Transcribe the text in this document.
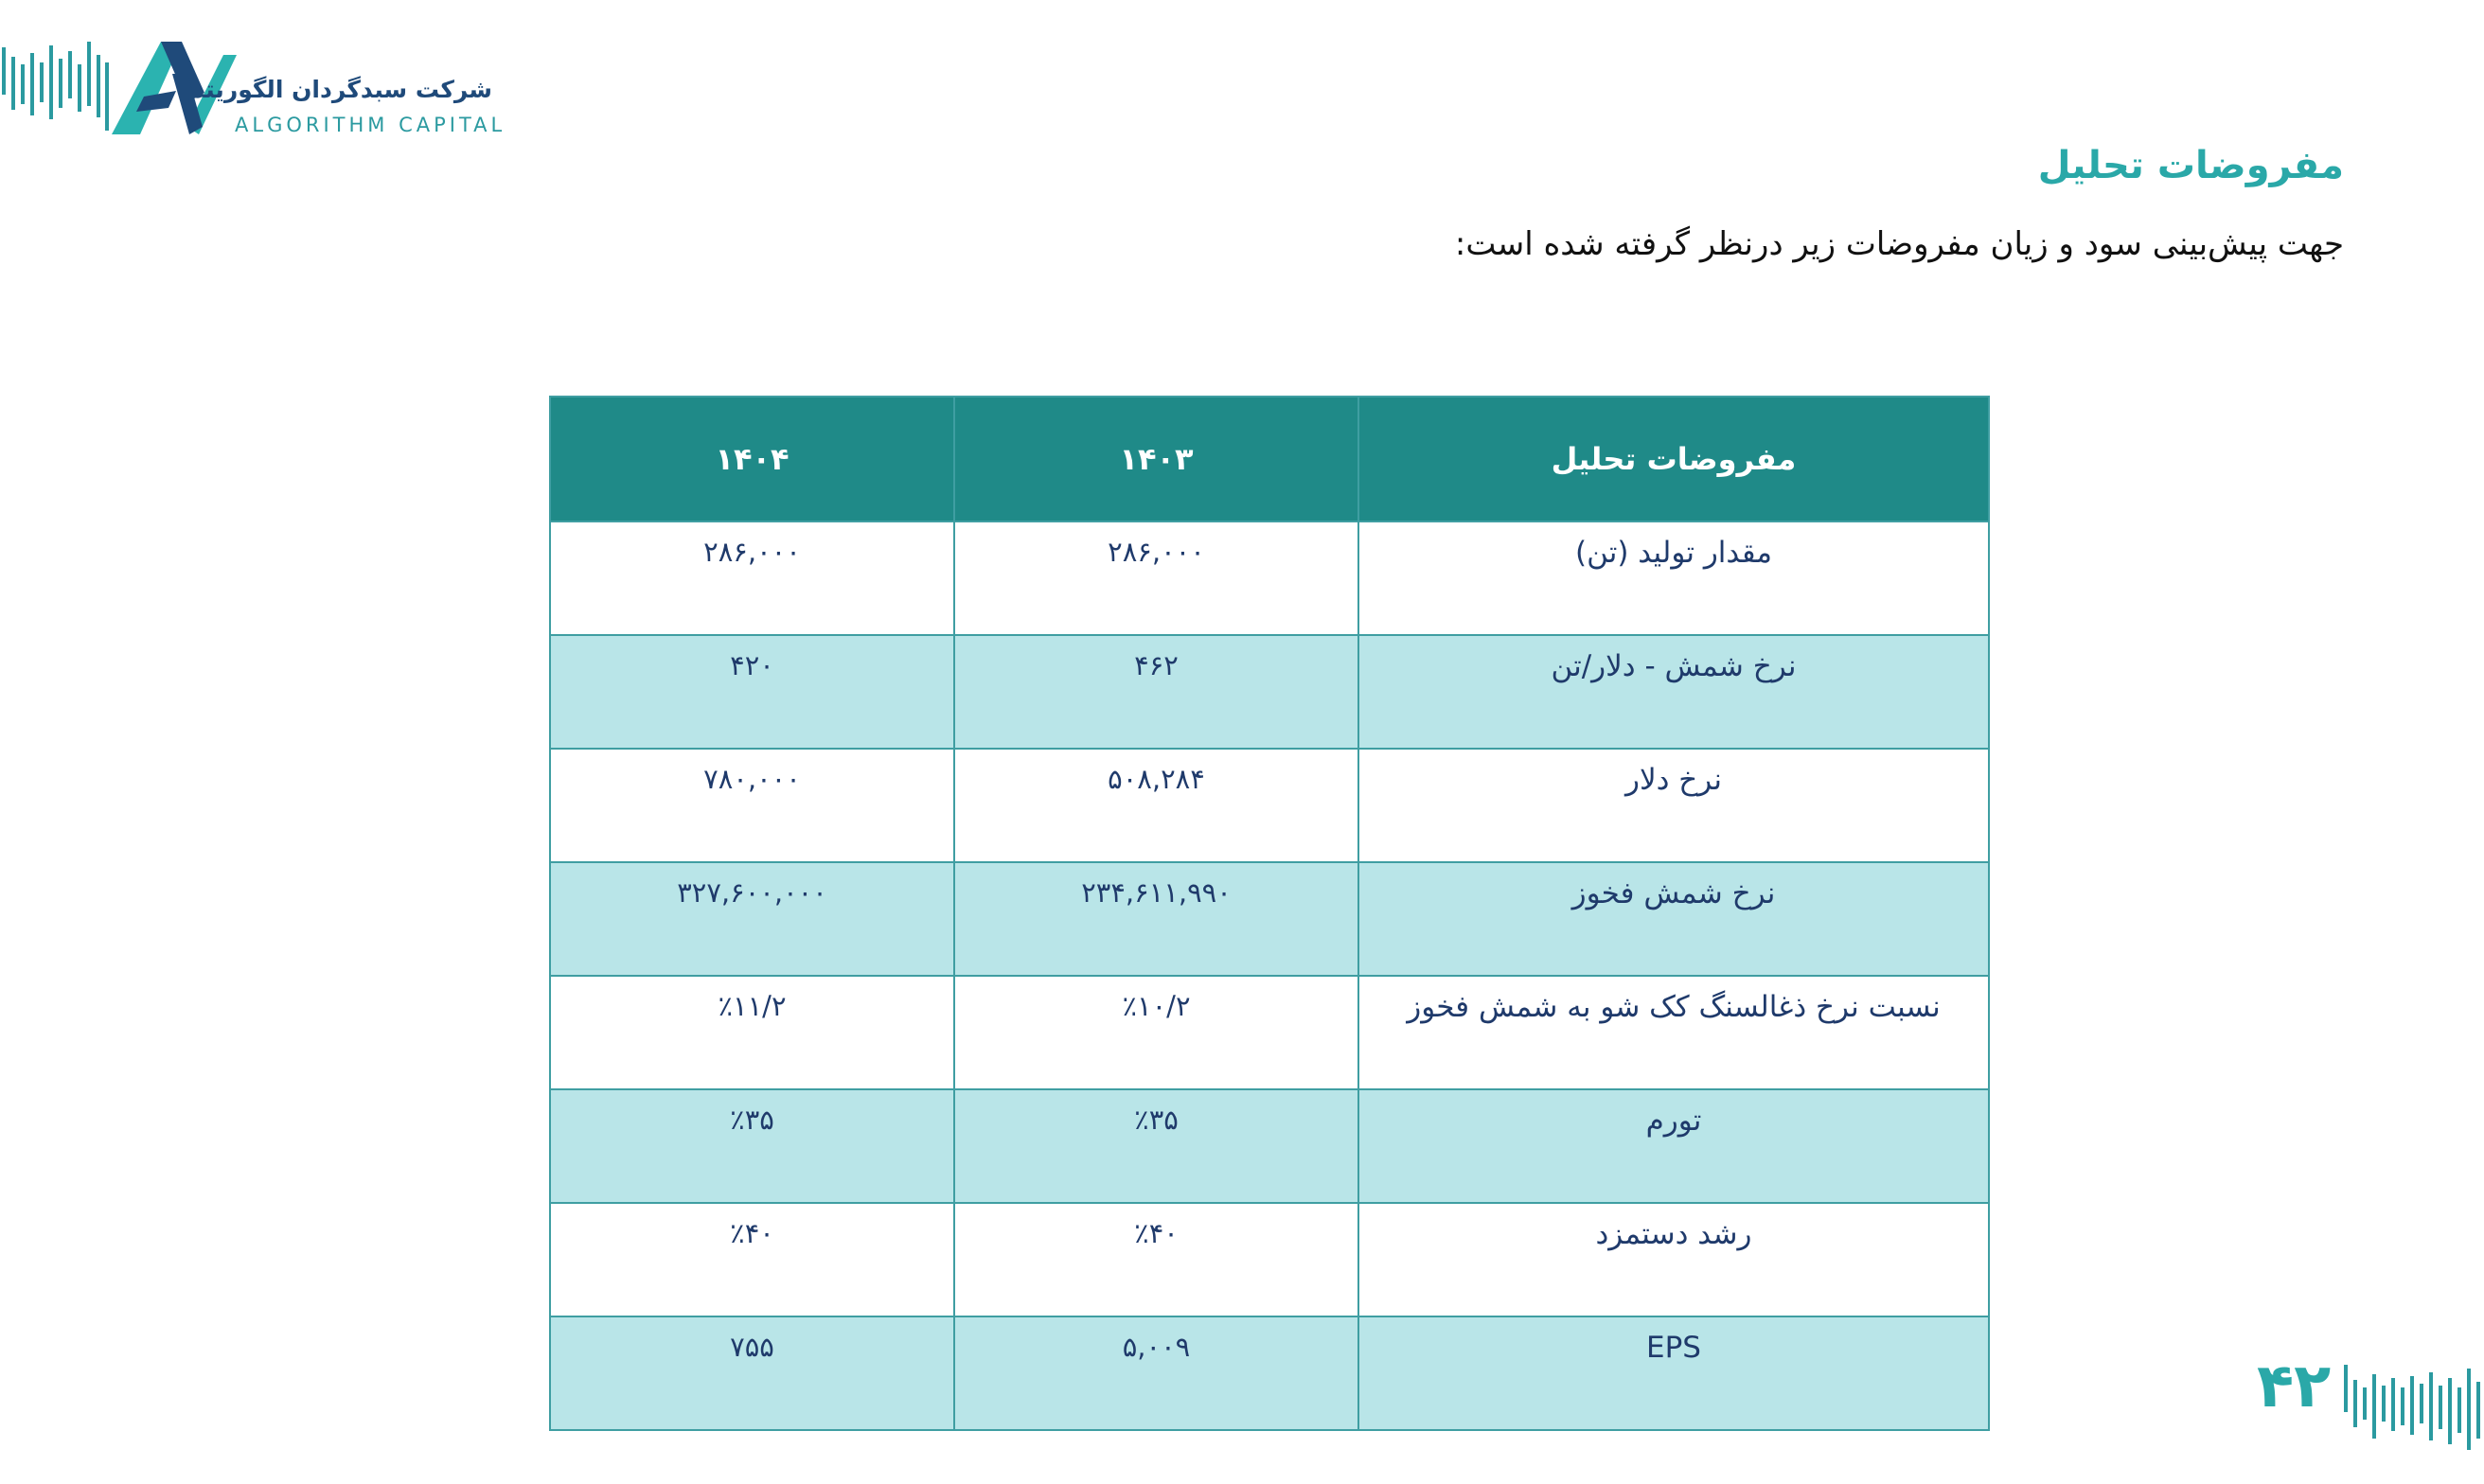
شرکت سبدگردان الگوریتم
ALGORITHM CAPITAL
مفروضات تحلیل
جهت پیش‌بینی سود و زیان مفروضات زیر درنظر گرفته شده است:
مفروضات تحلیل	۱۴۰۳	۱۴۰۴
مقدار تولید (تن)	۲۸۶,۰۰۰	۲۸۶,۰۰۰
نرخ شمش - دلار/تن	۴۶۲	۴۲۰
نرخ دلار	۵۰۸,۲۸۴	۷۸۰,۰۰۰
نرخ شمش فخوز	۲۳۴,۶۱۱,۹۹۰	۳۲۷,۶۰۰,۰۰۰
نسبت نرخ ذغالسنگ کک شو به شمش فخوز	٪۱۰/۲	٪۱۱/۲
تورم	٪۳۵	٪۳۵
رشد دستمزد	٪۴۰	٪۴۰
EPS	۵,۰۰۹	۷۵۵
۴۲
